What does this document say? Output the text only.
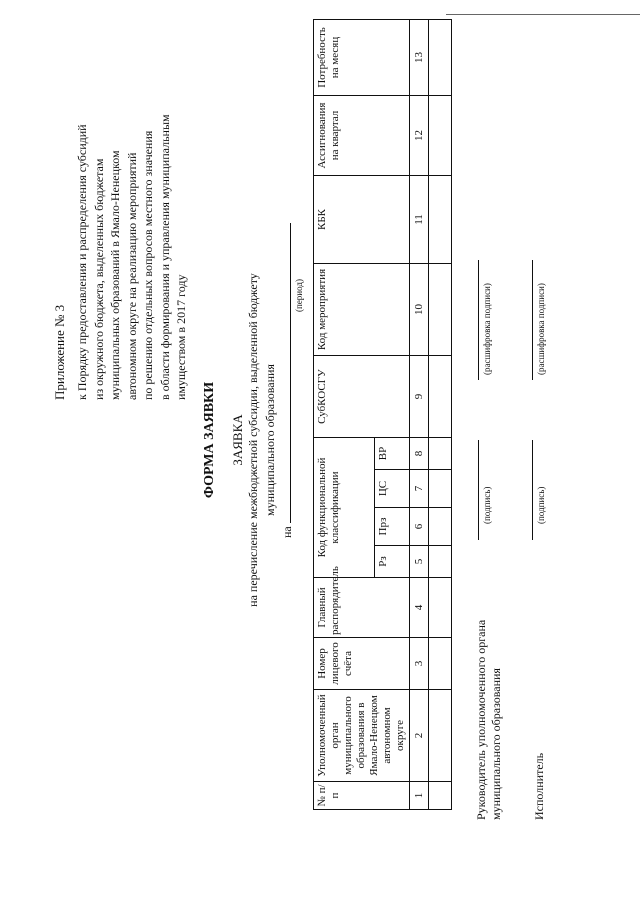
Приложение № 3 к Порядку предоставления и распределения субсидий из окружного бюджета, выделенных бюджетам муниципальных образований в Ямало-Ненецком автономном округе на реализацию мероприятий по решению отдельных вопросов местного значения в области формирования и управления муниципальным имуществом в 2017 году
ФОРМА ЗАЯВКИ ЗАЯВКА на перечисление межбюджетной субсидии, выделенной бюджету муниципального образования
на
(период)
№ п/п	Уполномоченный орган муниципального образования в Ямало-Ненецком автономном округе	Номер лицевого счёта	Главный распорядитель	Код функциональной классификации				СубКОСГУ	Код мероприятия	КБК	Ассигнования на квартал	Потребность на месяц
				Рз	Прз	ЦС	ВР					
1	2	3	4	5	6	7	8	9	10	11	12	13

Руководитель уполномоченного органа муниципального образования
(подпись)
(расшифровка подписи)
Исполнитель
(подпись)
(расшифровка подписи)
